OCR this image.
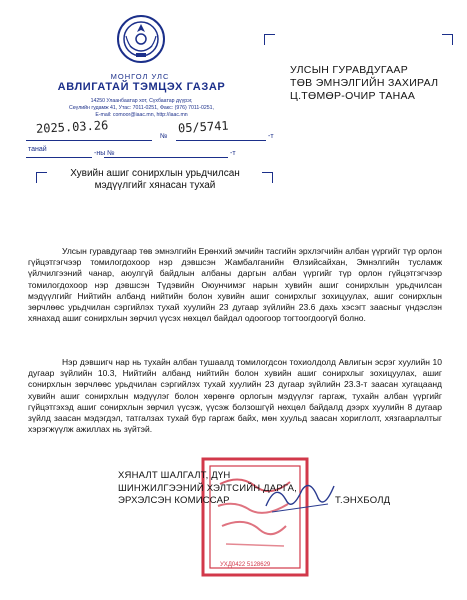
МОНГОЛ УЛС
АВЛИГАТАЙ ТЭМЦЭХ ГАЗАР
14250 Улаанбаатар хот, Сүхбаатар дүүрэг,
Сөүлийн гудамж 41, Утас: 7011-0251, Факс: (976) 7011-0251,
E-mail: comoor@iaac.mn, http://iaac.mn
2025.03.26	05/5741
№	-т
танай
-ны №	-т
УЛСЫН ГУРАВДУГААР
ТӨВ ЭМНЭЛГИЙН ЗАХИРАЛ
Ц.ТӨМӨР-ОЧИР ТАНАА
Хувийн ашиг сонирхлын урьдчилсан
мэдүүлгийг хянасан тухай
Улсын гуравдугаар төв эмнэлгийн Ерөнхий эмчийн тасгийн эрхлэгчийн албан үүргийг түр орлон гүйцэтгэгчээр томилогдохоор нэр дэвшсэн Жамбалганийн Өлзийсайхан, Эмнэлгийн тусламж үйлчилгээний чанар, аюулгүй байдлын албаны даргын албан үүргийг түр орлон гүйцэтгэгчээр томилогдохоор нэр дэвшсэн Түдэвийн Оюунчимэг нарын хувийн ашиг сонирхлын урьдчилсан мэдүүлгийг Нийтийн албанд нийтийн болон хувийн ашиг сонирхлыг зохицуулах, ашиг сонирхлын зөрчлөөс урьдчилан сэргийлэх тухай хуулийн 23 дугаар зүйлийн 23.6 дахь хэсэгт заасныг үндэслэн хянахад ашиг сонирхлын зөрчил үүсэх нөхцөл байдал одоогоор тогтоогдоогүй болно.
Нэр дэвшигч нар нь тухайн албан тушаалд томилогдсон тохиолдолд Авлигын эсрэг хуулийн 10 дугаар зүйлийн 10.3, Нийтийн албанд нийтийн болон хувийн ашиг сонирхлыг зохицуулах, ашиг сонирхлын зөрчлөөс урьдчилан сэргийлэх тухай хуулийн 23 дугаар зүйлийн 23.3-т заасан хугацаанд хувийн ашиг сонирхлын мэдүүлэг болон хөрөнгө орлогын мэдүүлэг гаргаж, тухайн албан үүргийг гүйцэтгэхэд ашиг сонирхлын зөрчил үүсэж, үүсэж болзошгүй нөхцөл байдалд дээрх хуулийн 8 дугаар зүйлд заасан мэдэгдэл, татгалзах тухай бүр гаргаж байх, мөн хуульд заасан хориглолт, хязгаарлалтыг хэрэгжүүлж ажиллах нь зүйтэй.
УХД0422 5128629
ХЯНАЛТ ШАЛГАЛТ, ДҮН
ШИНЖИЛГЭЭНИЙ ХЭЛТСИЙН ДАРГА,
ЭРХЭЛСЭН КОМИССАР	Т.ЭНХБОЛД
